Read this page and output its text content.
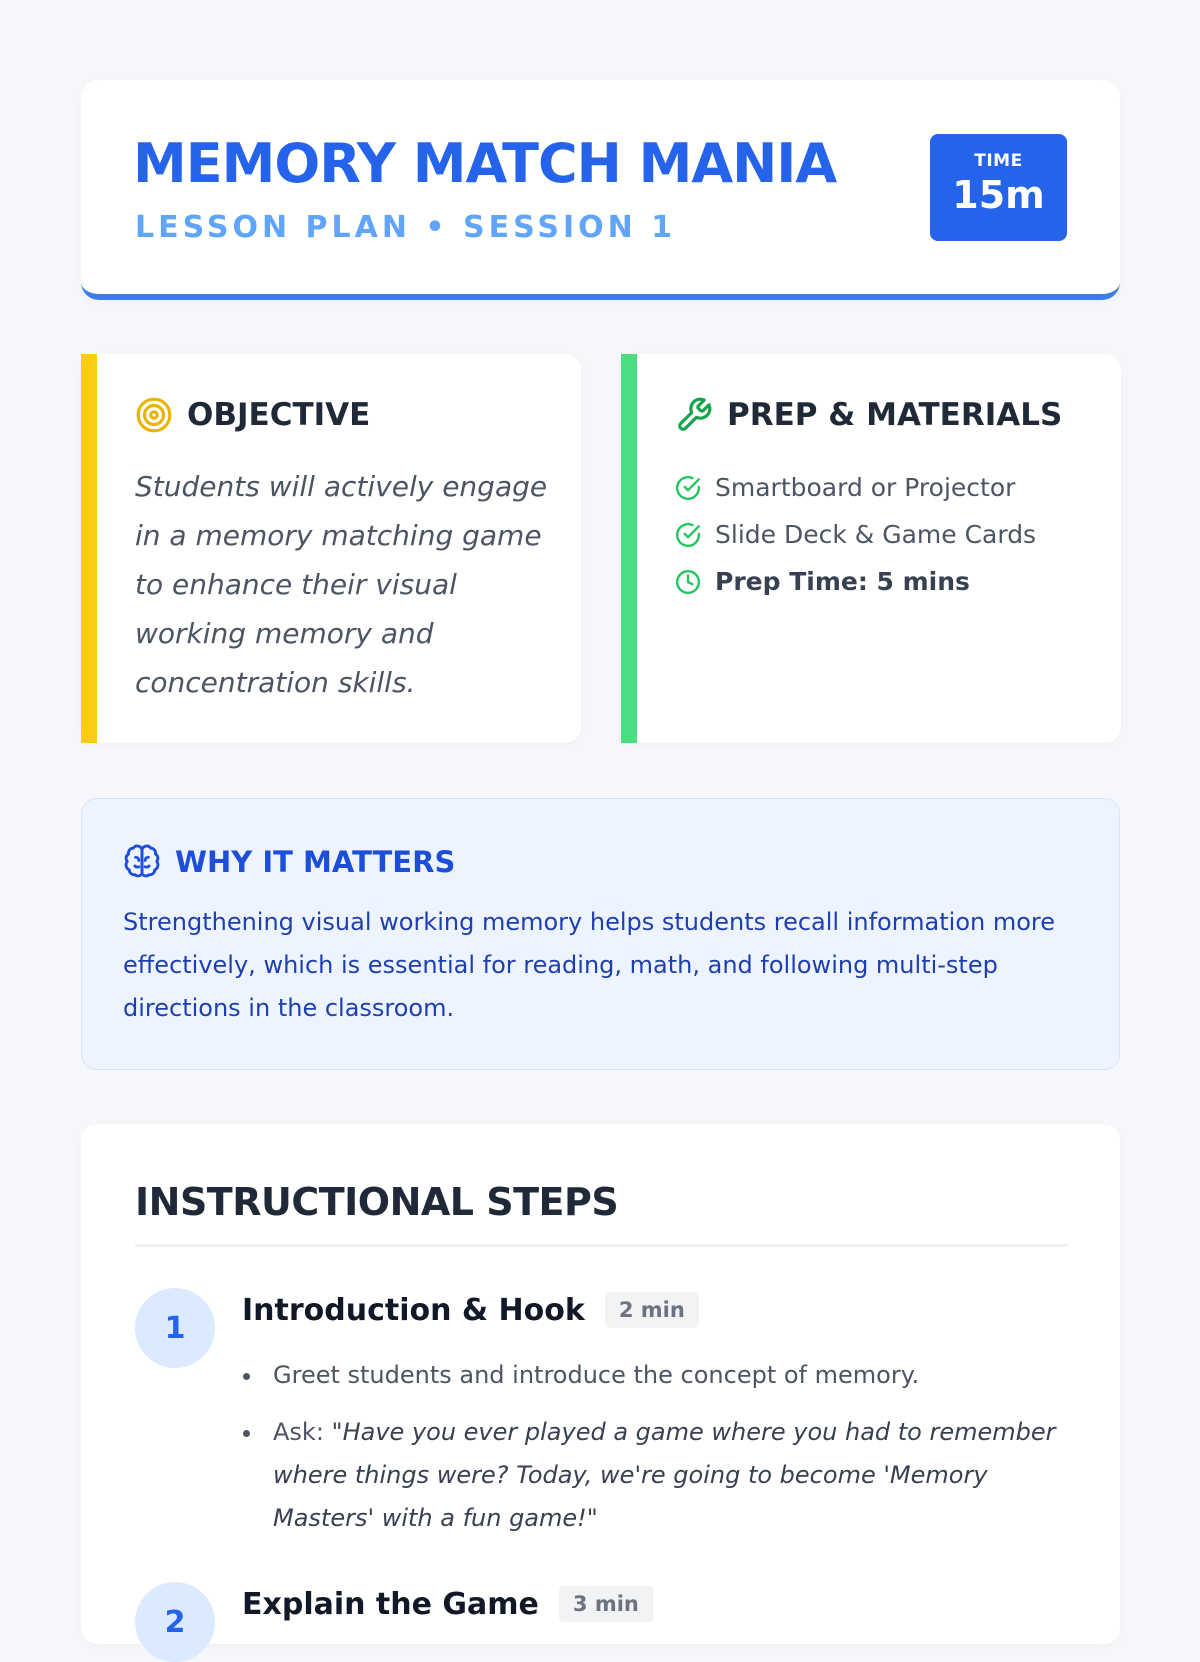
MEMORY MATCH MANIA
LESSON PLAN • SESSION 1
TIME
15m
OBJECTIVE

Students will actively engage in a memory matching game to enhance their visual working memory and concentration skills.

PREP & MATERIALS
Smartboard or Projector
Slide Deck & Game Cards
Prep Time: 5 mins
WHY IT MATTERS

Strengthening visual working memory helps students recall information more effectively, which is essential for reading, math, and following multi-step directions in the classroom.

INSTRUCTIONAL STEPS
1
Introduction & Hook	2 min
Greet students and introduce the concept of memory.
Ask: "Have you ever played a game where you had to remember where things were? Today, we're going to become 'Memory Masters' with a fun game!"
2
Explain the Game	3 min
